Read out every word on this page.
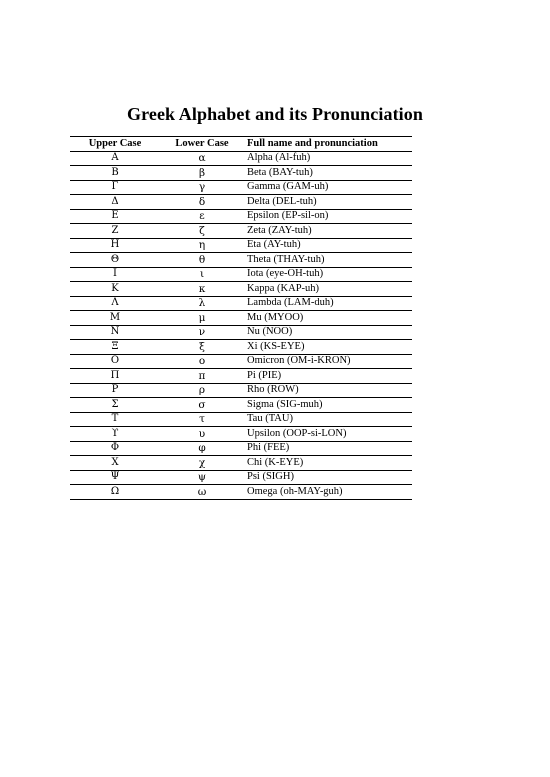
Greek Alphabet and its Pronunciation
Upper Case	Lower Case	Full name and pronunciation
Α	α	Alpha (Al-fuh)
Β	β	Beta (BAY-tuh)
Γ	γ	Gamma (GAM-uh)
Δ	δ	Delta (DEL-tuh)
Ε	ε	Epsilon (EP-sil-on)
Ζ	ζ	Zeta (ZAY-tuh)
Η	η	Eta (AY-tuh)
Θ	θ	Theta (THAY-tuh)
Ι	ι	Iota (eye-OH-tuh)
Κ	κ	Kappa (KAP-uh)
Λ	λ	Lambda (LAM-duh)
Μ	μ	Mu (MYOO)
Ν	ν	Nu (NOO)
Ξ	ξ	Xi (KS-EYE)
Ο	ο	Omicron (OM-i-KRON)
Π	π	Pi (PIE)
Ρ	ρ	Rho (ROW)
Σ	σ	Sigma (SIG-muh)
Τ	τ	Tau (TAU)
ϒ	υ	Upsilon (OOP-si-LON)
Φ	φ	Phi (FEE)
Χ	χ	Chi (K-EYE)
Ψ	ψ	Psi (SIGH)
Ω	ω	Omega (oh-MAY-guh)
